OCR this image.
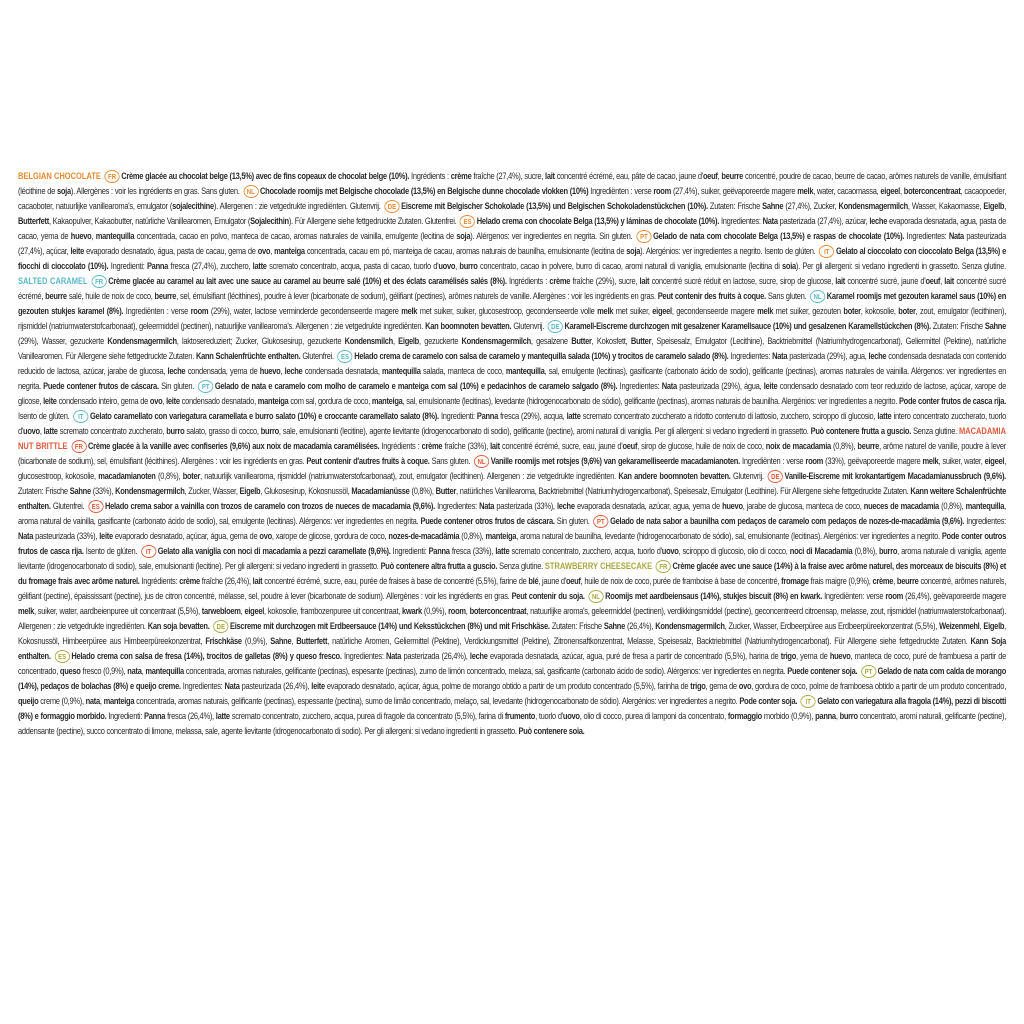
BELGIAN CHOCOLATE FR Crème glacée au chocolat belge (13,5%) avec de fins copeaux de chocolat belge (10%). Ingrédients : crème fraîche (27,4%), sucre, lait concentré écrémé, eau, pâte de cacao, jaune d'oeuf, beurre concentré, poudre de cacao, beurre de cacao, arômes naturels de vanille, émulsifiant (lécithine de soja). Allergènes : voir les ingrédients en gras. Sans gluten. NL Chocolade roomijs met Belgische chocolade (13,5%) en Belgische dunne chocolade vlokken (10%) Ingrediënten : verse room (27,4%), suiker, geëvaporeerde magere melk, water, cacaomassa, eigeel, boterconcentraat, cacaopoeder, cacaoboter, natuurlijke vanillearoma's, emulgator (sojalecithine). Allergenen : zie vetgedrukte ingrediënten. Glutenvrij. DE Eiscreme mit Belgischer Schokolade (13,5%) und Belgischen Schokoladenstückchen (10%). Zutaten: Frische Sahne (27,4%), Zucker, Kondensmagermilch, Wasser, Kakaomasse, Eigelb, Butterfett, Kakaopulver, Kakaobutter, natürliche Vanillearomen, Emulgator (Sojalecithin). Für Allergene siehe fettgedruckte Zutaten. Glutenfrei. ES Helado crema con chocolate Belga (13,5%) y láminas de chocolate (10%). Ingredientes: Nata pasterizada (27,4%), azúcar, leche evaporada desnatada, agua, pasta de cacao, yema de huevo, mantequilla concentrada, cacao en polvo, manteca de cacao, aromas naturales de vainilla, emulgente (lecitina de soja). Alérgenos: ver ingredientes en negrita. Sin gluten. PT Gelado de nata com chocolate Belga (13,5%) e raspas de chocolate (10%). Ingredientes: Nata pasteurizada (27,4%), açúcar, leite evaporado desnatado, água, pasta de cacau, gema de ovo, manteiga concentrada, cacau em pó, manteiga de cacau, aromas naturais de baunilha, emulsionante (lecitina de soja). Alergénios: ver ingredientes a negrito. Isento de glúten. IT Gelato al cioccolato con cioccolato Belga (13,5%) e fiocchi di cioccolato (10%). Ingredienti: Panna fresca (27,4%), zucchero, latte scremato concentrato, acqua, pasta di cacao, tuorlo d'uovo, burro concentrato, cacao in polvere, burro di cacao, aromi naturali di vaniglia, emulsionante (lecitina di soia). Per gli allergeni: si vedano ingredienti in grassetto. Senza glutine. SALTED CARAMEL FR Crème glacée au caramel au lait avec une sauce au caramel au beurre salé (10%) et des éclats caramélisés salés (8%). Ingrédients : crème fraîche (29%), sucre, lait concentré sucré réduit en lactose, sucre, sirop de glucose, lait concentré sucré, jaune d'oeuf, lait concentré sucré écrémé, beurre salé, huile de noix de coco, beurre, sel, émulsifiant (lécithines), poudre à lever (bicarbonate de sodium), gélifiant (pectines), arômes naturels de vanille. Allergènes : voir les ingrédients en gras. Peut contenir des fruits à coque. Sans gluten. NL Karamel roomijs met gezouten karamel saus (10%) en gezouten stukjes karamel (8%). Ingrediënten : verse room (29%), water, lactose verminderde gecondenseerde magere melk met suiker, suiker, glucosestroop, gecondenseerde volle melk met suiker, eigeel, gecondenseerde magere melk met suiker, gezouten boter, kokosolie, boter, zout, emulgator (lecithinen), rijsmiddel (natriumwaterstofcarbonaat), geleermiddel (pectinen), natuurlijke vanillearoma's. Allergenen : zie vetgedrukte ingrediënten. Kan boomnoten bevatten. Glutenvrij. DE Karamell-Eiscreme durchzogen mit gesalzener Karamellsauce (10%) und gesalzenen Karamellstückchen (8%). Zutaten: Frische Sahne (29%), Wasser, gezuckerte Kondensmagermilch, laktosereduziert; Zucker, Glukosesirup, gezuckerte Kondensmilch, Eigelb, gezuckerte Kondensmagermilch, gesalzene Butter, Kokosfett, Butter, Speisesalz, Emulgator (Lecithine), Backtriebmittel (Natriumhydrogencarbonat), Geliermittel (Pektine), natürliche Vanillearomen. Für Allergene siehe fettgedruckte Zutaten. Kann Schalenfrüchte enthalten. Glutenfrei. ES Helado crema de caramelo con salsa de caramelo y mantequilla salada (10%) y trocitos de caramelo salado (8%). Ingredientes: Nata pasterizada (29%), agua, leche condensada desnatada con contenido reducido de lactosa, azúcar, jarabe de glucosa, leche condensada, yema de huevo, leche condensada desnatada, mantequilla salada, manteca de coco, mantequilla, sal, emulgente (lecitinas), gasificante (carbonato ácido de sodio), gelificante (pectinas), aromas naturales de vainilla. Alérgenos: ver ingredientes en negrita. Puede contener frutos de cáscara. Sin gluten. PT Gelado de nata e caramelo com molho de caramelo e manteiga com sal (10%) e pedacinhos de caramelo salgado (8%). Ingredientes: Nata pasteurizada (29%), água, leite condensado desnatado com teor reduzido de lactose, açúcar, xarope de glicose, leite condensado inteiro, gema de ovo, leite condensado desnatado, manteiga com sal, gordura de coco, manteiga, sal, emulsionante (lecitinas), levedante (hidrogenocarbonato de sódio), gelificante (pectinas), aromas naturais de baunilha. Alergénios: ver ingredientes a negrito. Pode conter frutos de casca rija. Isento de glúten. IT Gelato caramellato con variegatura caramellata e burro salato (10%) e croccante caramellato salato (8%). Ingredienti: Panna fresca (29%), acqua, latte scremato concentrato zuccherato a ridotto contenuto di lattosio, zucchero, sciroppo di glucosio, latte intero concentrato zuccherato, tuorlo d'uovo, latte scremato concentrato zuccherato, burro salato, grasso di cocco, burro, sale, emulsionanti (lecitine), agente lievitante (idrogenocarbonato di sodio), gelificante (pectine), aromi naturali di vaniglia. Per gli allergeni: si vedano ingredienti in grassetto. Può contenere frutta a guscio. Senza glutine. MACADAMIA NUT BRITTLE FR Crème glacée à la vanille avec confiseries (9,6%) aux noix de macadamia caramélisées. Ingrédients : crème fraîche (33%), lait concentré écrémé, sucre, eau, jaune d'oeuf, sirop de glucose, huile de noix de coco, noix de macadamia (0,8%), beurre, arôme naturel de vanille, poudre à lever (bicarbonate de sodium), sel, émulsifiant (lécithines). Allergènes : voir les ingrédients en gras. Peut contenir d'autres fruits à coque. Sans gluten. NL Vanille roomijs met rotsjes (9,6%) van gekaramelliseerde macadamianoten. Ingrediënten : verse room (33%), geëvaporeerde magere melk, suiker, water, eigeel, glucosestroop, kokosolie, macadamianoten (0,8%), boter, natuurlijk vanillearoma, rijsmiddel (natriumwaterstofcarbonaat), zout, emulgator (lecithinen). Allergenen : zie vetgedrukte ingrediënten. Kan andere boomnoten bevatten. Glutenvrij. DE Vanille-Eiscreme mit krokantartigem Macadamianussbruch (9,6%). Zutaten: Frische Sahne (33%), Kondensmagermilch, Zucker, Wasser, Eigelb, Glukosesirup, Kokosnussöl, Macadamianüsse (0,8%), Butter, natürliches Vanillearoma, Backtriebmittel (Natriumhydrogencarbonat), Speisesalz, Emulgator (Lecithine). Für Allergene siehe fettgedruckte Zutaten. Kann weitere Schalenfrüchte enthalten. Glutenfrei. ES Helado crema sabor a vainilla con trozos de caramelo con trozos de nueces de macadamia (9,6%). Ingredientes: Nata pasterizada (33%), leche evaporada desnatada, azúcar, agua, yema de huevo, jarabe de glucosa, manteca de coco, nueces de macadamia (0,8%), mantequilla, aroma natural de vainilla, gasificante (carbonato ácido de sodio), sal, emulgente (lecitinas). Alérgenos: ver ingredientes en negrita. Puede contener otros frutos de cáscara. Sin gluten. PT Gelado de nata sabor a baunilha com pedaços de caramelo com pedaços de nozes-de-macadâmia (9,6%). Ingredientes: Nata pasteurizada (33%), leite evaporado desnatado, açúcar, água, gema de ovo, xarope de glicose, gordura de coco, nozes-de-macadâmia (0,8%), manteiga, aroma natural de baunilha, levedante (hidrogenocarbonato de sódio), sal, emulsionante (lecitinas). Alergénios: ver ingredientes a negrito. Pode conter outros frutos de casca rija. Isento de glúten. IT Gelato alla vaniglia con noci di macadamia a pezzi caramellate (9,6%). Ingredienti: Panna fresca (33%), latte scremato concentrato, zucchero, acqua, tuorlo d'uovo, sciroppo di glucosio, olio di cocco, noci di Macadamia (0,8%), burro, aroma naturale di vaniglia, agente lievitante (idrogenocarbonato di sodio), sale, emulsionanti (lecitine). Per gli allergeni: si vedano ingredienti in grassetto. Può contenere altra frutta a guscio. Senza glutine. STRAWBERRY CHEESECAKE FR Crème glacée avec une sauce (14%) à la fraise avec arôme naturel, des morceaux de biscuits (8%) et du fromage frais avec arôme naturel. Ingrédients: crème fraîche (26,4%), lait concentré écrémé, sucre, eau, purée de fraises à base de concentré (5,5%), farine de blé, jaune d'oeuf, huile de noix de coco, purée de framboise à base de concentré, fromage frais maigre (0,9%), crème, beurre concentré, arômes naturels, gélifiant (pectine), épaississant (pectine), jus de citron concentré, mélasse, sel, poudre à lever (bicarbonate de sodium). Allergènes : voir les ingrédients en gras. Peut contenir du soja. NL Roomijs met aardbeiensaus (14%), stukjes biscuit (8%) en kwark. Ingrediënten: verse room (26,4%), geëvaporeerde magere melk, suiker, water, aardbeienpuree uit concentraat (5,5%), tarwebloem, eigeel, kokosolie, frambozenpuree uit concentraat, kwark (0,9%), room, boterconcentraat, natuurlijke aroma's, geleermiddel (pectinen), verdikkingsmiddel (pectine), geconcentreerd citroensap, melasse, zout, rijsmiddel (natriumwaterstofcarbonaat). Allergenen : zie vetgedrukte ingrediënten. Kan soja bevatten. DE Eiscreme mit durchzogen mit Erdbeersauce (14%) und Keksstückchen (8%) und mit Frischkäse. Zutaten: Frische Sahne (26,4%), Kondensmagermilch, Zucker, Wasser, Erdbeerpüree aus Erdbeerpüreekonzentrat (5,5%), Weizenmehl, Eigelb, Kokosnussöl, Himbeerpüree aus Himbeerpüreekonzentrat, Frischkäse (0,9%), Sahne, Butterfett, natürliche Aromen, Geliermittel (Pektine), Verdickungsmittel (Pektine), Zitronensaftkonzentrat, Melasse, Speisesalz, Backtriebmittel (Natriumhydrogencarbonat). Für Allergene siehe fettgedruckte Zutaten. Kann Soja enthalten. ES Helado crema con salsa de fresa (14%), trocitos de galletas (8%) y queso fresco. Ingredientes: Nata pasterizada (26,4%), leche evaporada desnatada, azúcar, agua, puré de fresa a partir de concentrado (5,5%), harina de trigo, yema de huevo, manteca de coco, puré de frambuesa a partir de concentrado, queso fresco (0,9%), nata, mantequilla concentrada, aromas naturales, gelificante (pectinas), espesante (pectinas), zumo de limón concentrado, melaza, sal, gasificante (carbonato ácido de sodio). Alérgenos: ver ingredientes en negrita. Puede contener soja. PT Gelado de nata com calda de morango (14%), pedaços de bolachas (8%) e queijo creme. Ingredientes: Nata pasteurizada (26,4%), leite evaporado desnatado, açúcar, água, polme de morango obtido a partir de um produto concentrado (5,5%), farinha de trigo, gema de ovo, gordura de coco, polme de framboesa obtido a partir de um produto concentrado, queijo creme (0,9%), nata, manteiga concentrada, aromas naturais, gelificante (pectinas), espessante (pectina), sumo de limão concentrado, melaço, sal, levedante (hidrogenocarbonato de sódio). Alergénios: ver ingredientes a negrito. Pode conter soja. IT Gelato con variegatura alla fragola (14%), pezzi di biscotti (8%) e formaggio morbido. Ingredienti: Panna fresca (26,4%), latte scremato concentrato, zucchero, acqua, purea di fragole da concentrato (5,5%), farina di frumento, tuorlo d'uovo, olio di cocco, purea di lamponi da concentrato, formaggio morbido (0,9%), panna, burro concentrato, aromi naturali, gelificante (pectine), addensante (pectine), succo concentrato di limone, melassa, sale, agente lievitante (idrogenocarbonato di sodio). Per gli allergeni: si vedano ingredienti in grassetto. Può contenere soia.
